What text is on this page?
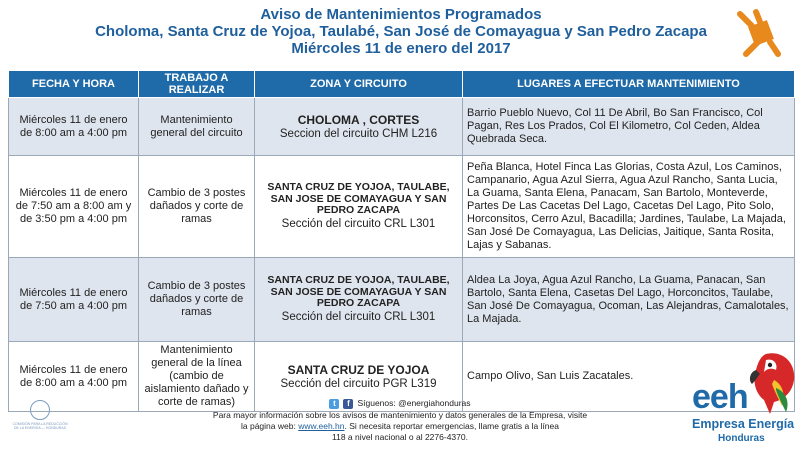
Aviso de Mantenimientos Programados
Choloma, Santa Cruz de Yojoa, Taulabé, San José de Comayagua y San Pedro Zacapa
Miércoles 11 de enero del 2017
FECHA Y HORA	TRABAJO A REALIZAR	ZONA Y CIRCUITO	LUGARES A EFECTUAR MANTENIMIENTO
Miércoles 11 de enero de 8:00 am a 4:00 pm	Mantenimiento general del circuito	CHOLOMA , CORTES
Seccion del circuito CHM L216	Barrio Pueblo Nuevo, Col 11 De Abril, Bo San Francisco, Col Pagan, Res Los Prados, Col El Kilometro, Col Ceden, Aldea Quebrada Seca.
Miércoles 11 de enero de 7:50 am a 8:00 am y de 3:50 pm a 4:00 pm	Cambio de 3 postes dañados y corte de ramas	SANTA CRUZ DE YOJOA, TAULABE, SAN JOSE DE COMAYAGUA Y SAN PEDRO ZACAPA
Sección del circuito CRL L301	Peña Blanca, Hotel Finca Las Glorias, Costa Azul, Los Caminos, Campanario, Agua Azul Sierra, Agua Azul Rancho, Santa Lucia, La Guama, Santa Elena, Panacam, San Bartolo, Monteverde, Partes De Las Cacetas Del Lago, Cacetas Del Lago, Pito Solo, Horconsitos, Cerro Azul, Bacadilla; Jardines, Taulabe, La Majada, San José De Comayagua, Las Delicias, Jaitique, Santa Rosita, Lajas y Sabanas.
Miércoles 11 de enero de 7:50 am a 4:00 pm	Cambio de 3 postes dañados y corte de ramas	SANTA CRUZ DE YOJOA, TAULABE, SAN JOSE DE COMAYAGUA Y SAN PEDRO ZACAPA
Sección del circuito CRL L301	Aldea La Joya, Agua Azul Rancho, La Guama, Panacan, San Bartolo, Santa Elena, Casetas Del Lago, Horconcitos, Taulabe, San José De Comayagua, Ocoman, Las Alejandras, Camalotales, La Majada.
Miércoles 11 de enero de 8:00 am a 4:00 pm	Mantenimiento general de la línea (cambio de aislamiento dañado y corte de ramas)	SANTA CRUZ DE YOJOA
Sección del circuito PGR L319	Campo Olivo, San Luis Zacatales.
COMISIÓN PARA LA REDUCCIÓN DE LA ENERGÍA — HONDURAS
t	f Síguenos: @energiahonduras
Para mayor información sobre los avisos de mantenimiento y datos generales de la Empresa, visite
la página web: www.eeh.hn. Si necesita reportar emergencias, llame gratis a la línea
118 a nivel nacional o al 2276-4370.
eeh
Empresa Energía
Honduras
